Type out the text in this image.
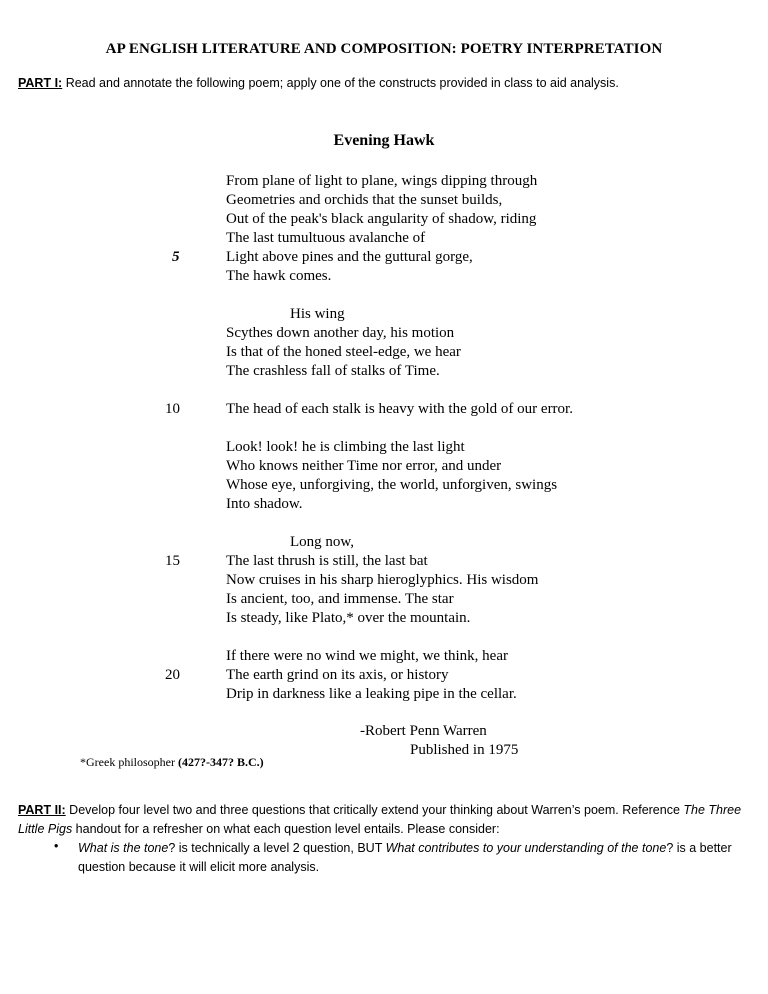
AP ENGLISH LITERATURE AND COMPOSITION: POETRY INTERPRETATION
PART I: Read and annotate the following poem; apply one of the constructs provided in class to aid analysis.
Evening Hawk
From plane of light to plane, wings dipping through
Geometries and orchids that the sunset builds,
Out of the peak's black angularity of shadow, riding
The last tumultuous avalanche of
5	Light above pines and the guttural gorge,
The hawk comes.
His wing
Scythes down another day, his motion
Is that of the honed steel-edge, we hear
The crashless fall of stalks of Time.
10	The head of each stalk is heavy with the gold of our error.
Look! look! he is climbing the last light
Who knows neither Time nor error, and under
Whose eye, unforgiving, the world, unforgiven, swings
Into shadow.
Long now,
15	The last thrush is still, the last bat
Now cruises in his sharp hieroglyphics. His wisdom
Is ancient, too, and immense. The star
Is steady, like Plato,* over the mountain.
If there were no wind we might, we think, hear
20	The earth grind on its axis, or history
Drip in darkness like a leaking pipe in the cellar.
-Robert Penn Warren
Published in 1975
*Greek philosopher (427?-347? B.C.)

PART II: Develop four level two and three questions that critically extend your thinking about Warren’s poem. Reference The Three Little Pigs handout for a refresher on what each question level entails. Please consider:

• What is the tone? is technically a level 2 question, BUT What contributes to your understanding of the tone? is a better question because it will elicit more analysis.
